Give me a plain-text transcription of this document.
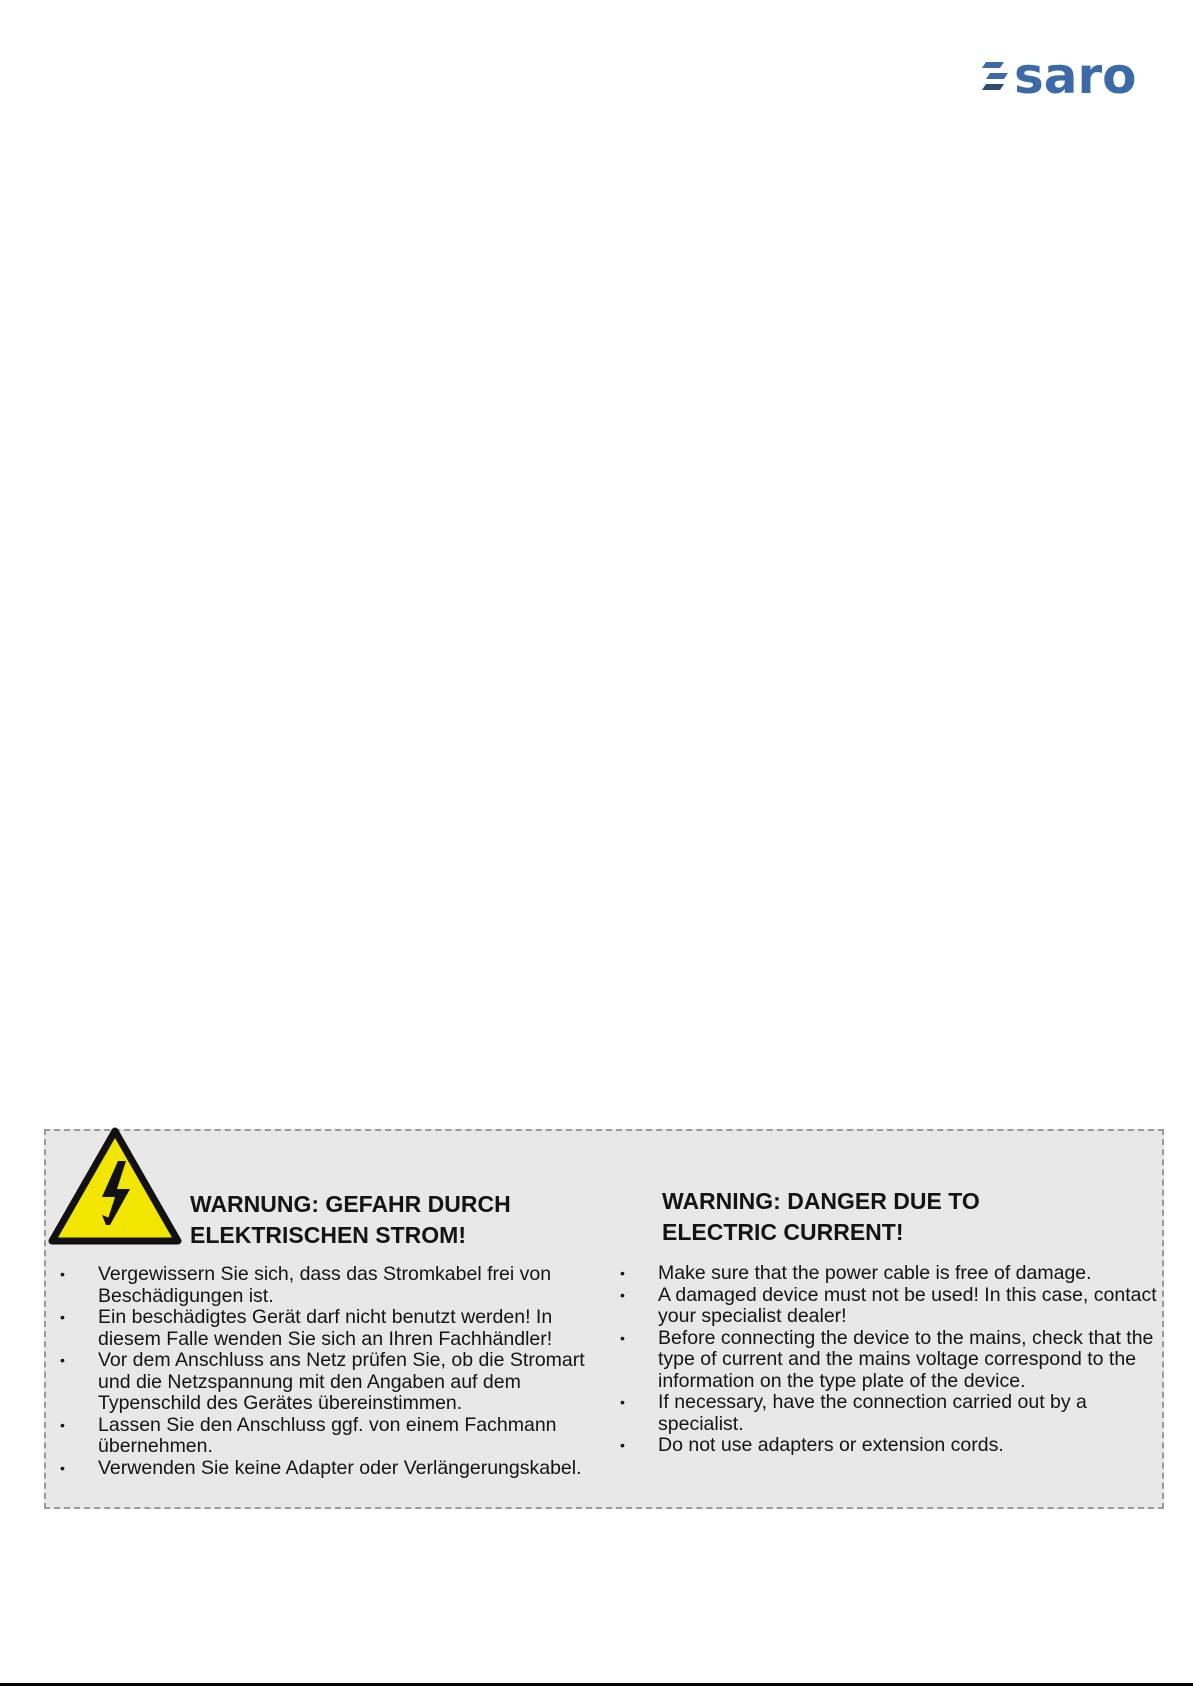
saro
WARNUNG: GEFAHR DURCH
ELEKTRISCHEN STROM!
• Vergewissern Sie sich, dass das Stromkabel frei von Beschädigungen ist.
• Ein beschädigtes Gerät darf nicht benutzt werden! In diesem Falle wenden Sie sich an Ihren Fachhändler!
• Vor dem Anschluss ans Netz prüfen Sie, ob die Stromart und die Netzspannung mit den Angaben auf dem Typenschild des Gerätes übereinstimmen.
• Lassen Sie den Anschluss ggf. von einem Fachmann übernehmen.
• Verwenden Sie keine Adapter oder Verlängerungskabel.
WARNING: DANGER DUE TO
ELECTRIC CURRENT!
• Make sure that the power cable is free of damage.
• A damaged device must not be used! In this case, contact your specialist dealer!
• Before connecting the device to the mains, check that the type of current and the mains voltage correspond to the information on the type plate of the device.
• If necessary, have the connection carried out by a specialist.
• Do not use adapters or extension cords.
